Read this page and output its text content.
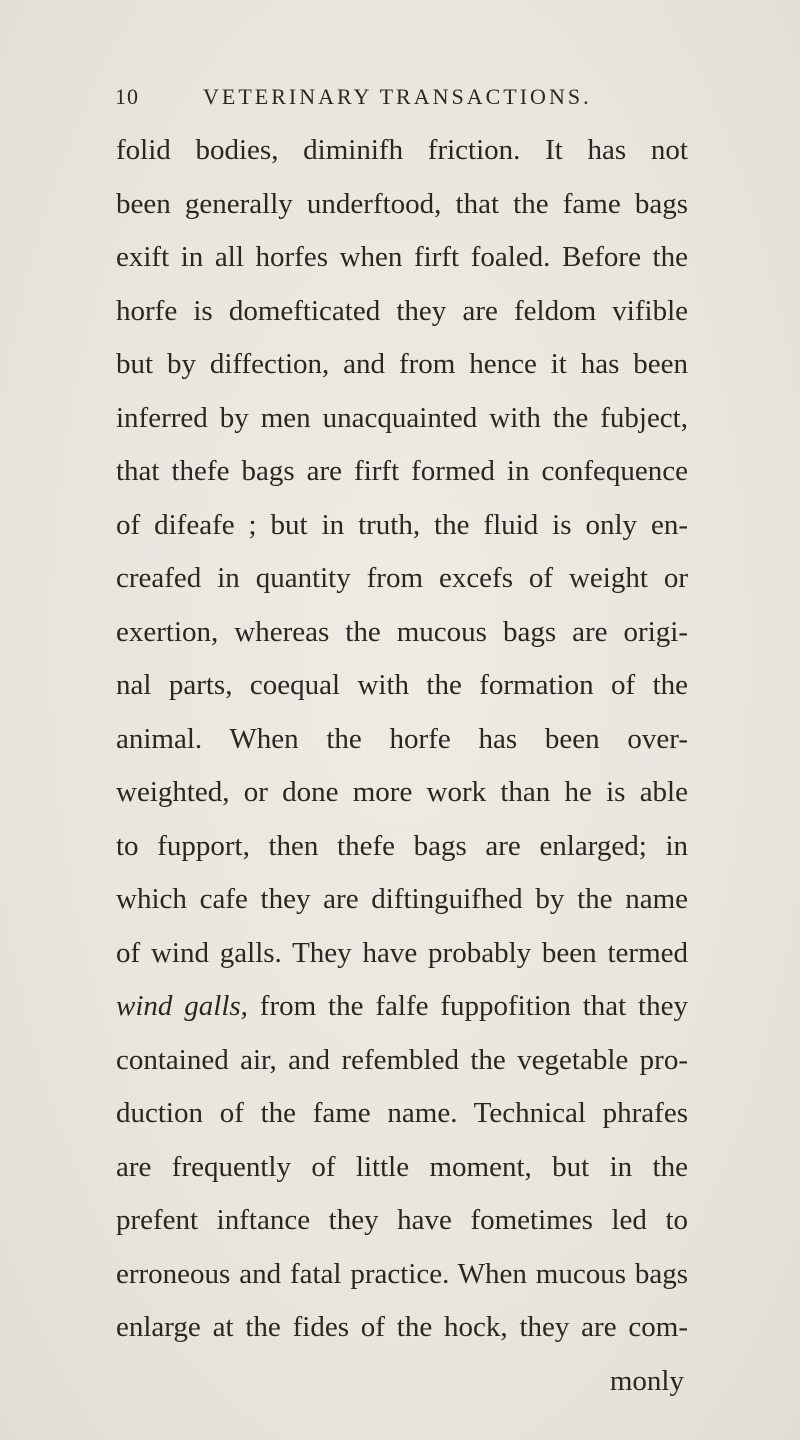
10	VETERINARY TRANSACTIONS.
folid bodies, diminifh friction. It has not
been generally underftood, that the fame bags
exift in all horfes when firft foaled. Before the
horfe is domefticated they are feldom vifible
but by diffection, and from hence it has been
inferred by men unacquainted with the fubject,
that thefe bags are firft formed in confequence
of difeafe ; but in truth, the fluid is only en-
creafed in quantity from excefs of weight or
exertion, whereas the mucous bags are origi-
nal parts, coequal with the formation of the
animal. When the horfe has been over-
weighted, or done more work than he is able
to fupport, then thefe bags are enlarged; in
which cafe they are diftinguifhed by the name
of wind galls. They have probably been termed
wind galls, from the falfe fuppofition that they
contained air, and refembled the vegetable pro-
duction of the fame name. Technical phrafes
are frequently of little moment, but in the
prefent inftance they have fometimes led to
erroneous and fatal practice. When mucous bags
enlarge at the fides of the hock, they are com-
monly
